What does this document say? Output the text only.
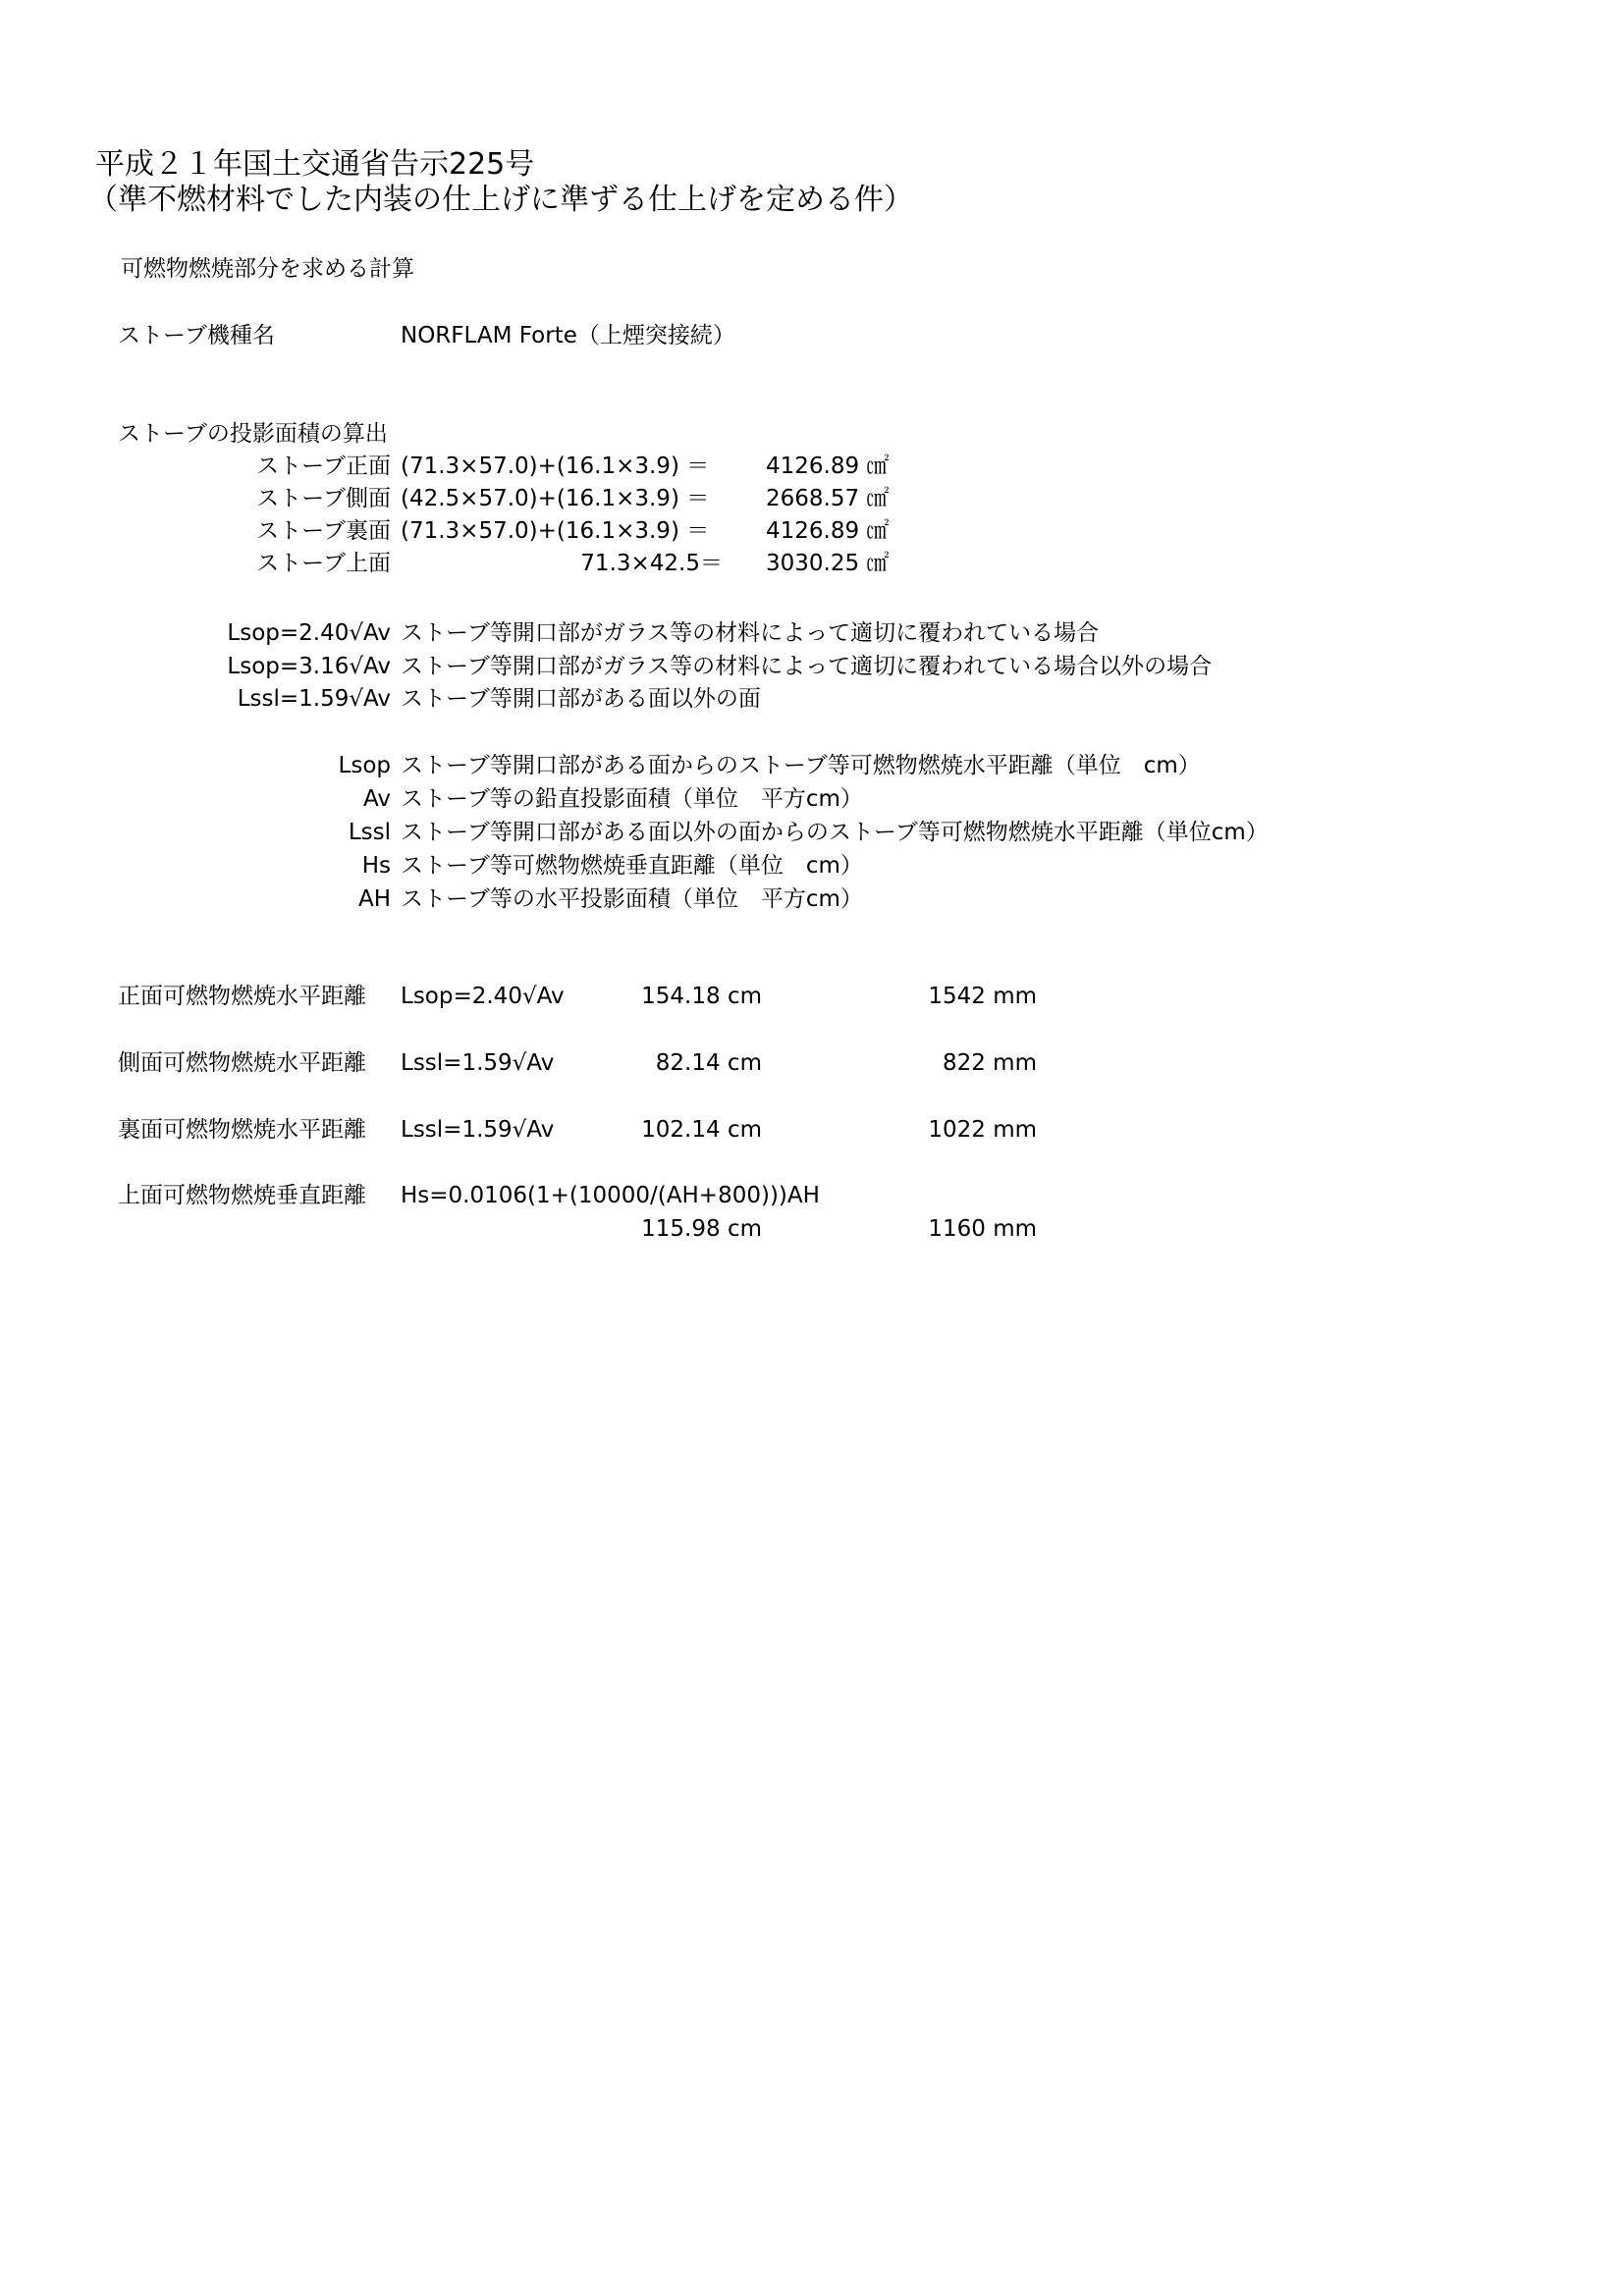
平成２１年国土交通省告示225号
（準不燃材料でした内装の仕上げに準ずる仕上げを定める件）
可燃物燃焼部分を求める計算
ストーブ機種名	NORFLAM Forte（上煙突接続）
ストーブの投影面積の算出
ストーブ正面 (71.3×57.0)+(16.1×3.9) ＝	4126.89 ㎠
ストーブ側面 (42.5×57.0)+(16.1×3.9) ＝	2668.57 ㎠
ストーブ裏面 (71.3×57.0)+(16.1×3.9) ＝	4126.89 ㎠
ストーブ上面	71.3×42.5＝ 3030.25 ㎠
Lsop=2.40√Av ストーブ等開口部がガラス等の材料によって適切に覆われている場合
Lsop=3.16√Av ストーブ等開口部がガラス等の材料によって適切に覆われている場合以外の場合
Lssl=1.59√Av ストーブ等開口部がある面以外の面
Lsop ストーブ等開口部がある面からのストーブ等可燃物燃焼水平距離（単位　cm）
Av ストーブ等の鉛直投影面積（単位　平方cm）
Lssl ストーブ等開口部がある面以外の面からのストーブ等可燃物燃焼水平距離（単位cm）
Hs ストーブ等可燃物燃焼垂直距離（単位　cm）
AH ストーブ等の水平投影面積（単位　平方cm）
正面可燃物燃焼水平距離 Lsop=2.40√Av	154.18 cm	1542 mm
側面可燃物燃焼水平距離 Lssl=1.59√Av	82.14 cm	822 mm
裏面可燃物燃焼水平距離 Lssl=1.59√Av	102.14 cm	1022 mm
上面可燃物燃焼垂直距離 Hs=0.0106(1+(10000/(AH+800)))AH
115.98 cm	1160 mm
